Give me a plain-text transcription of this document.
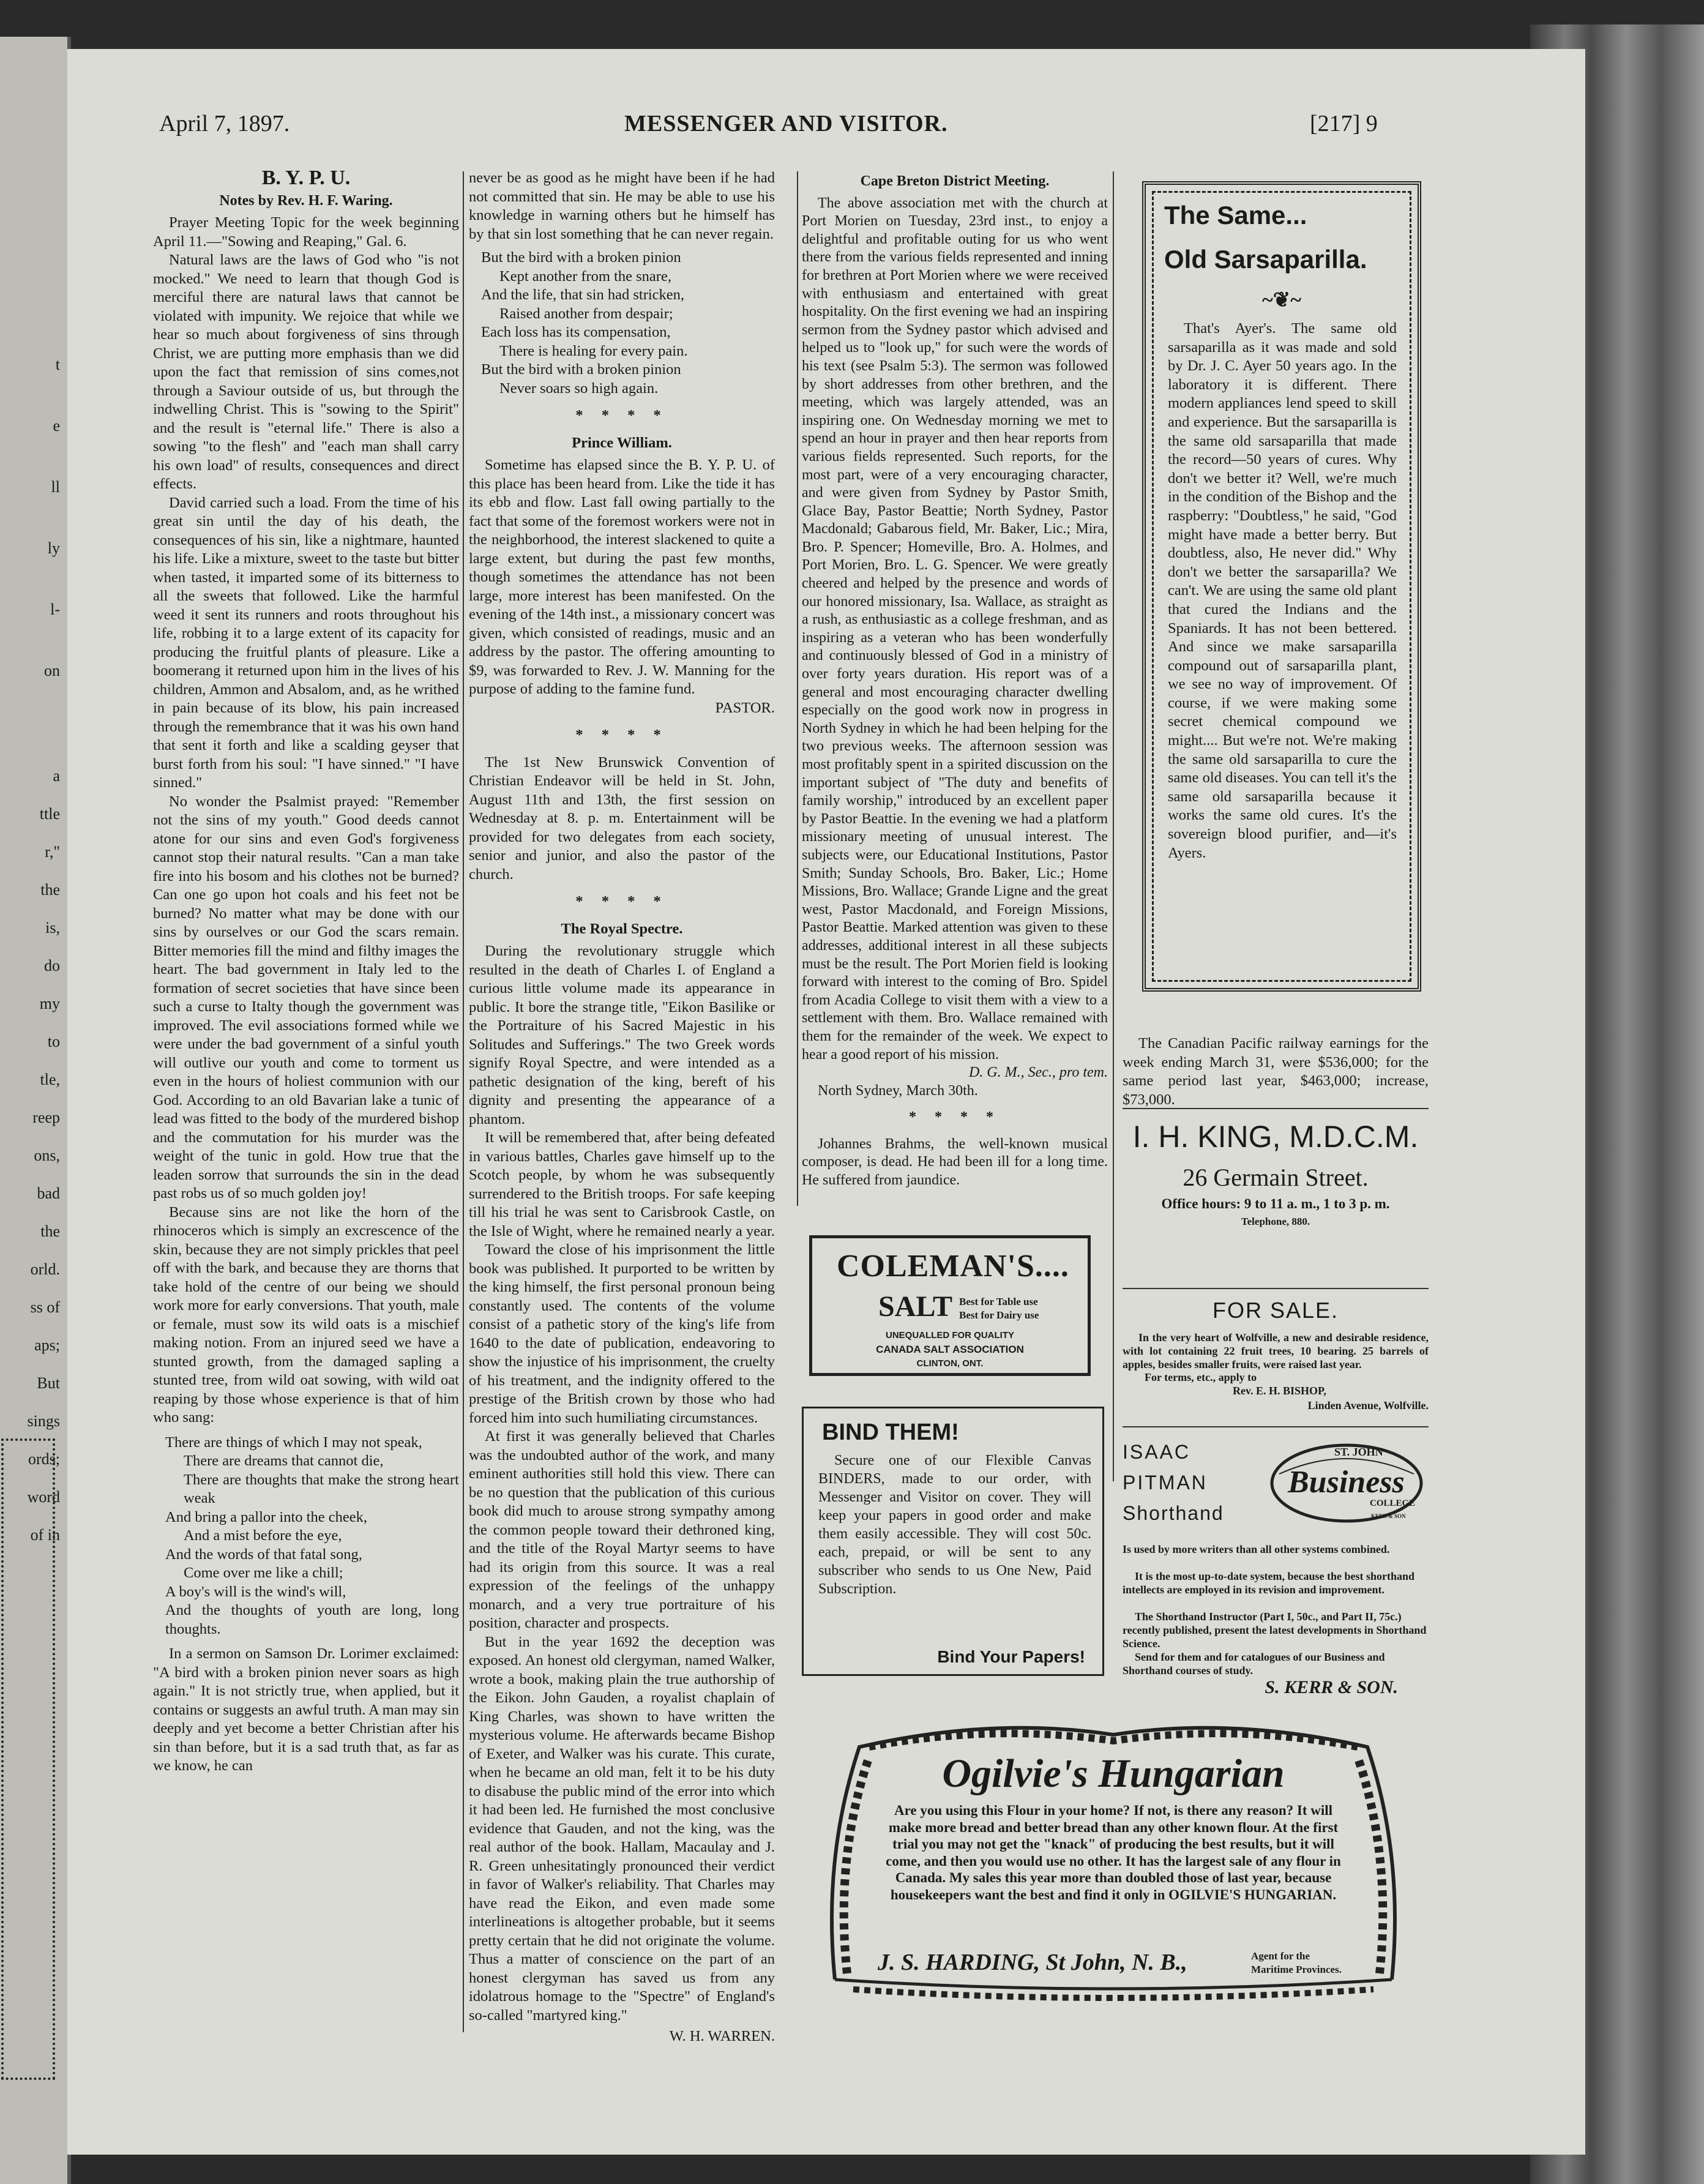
t
e
ll
ly
l-
on
a
ttle
r,"
the
is,
do
my
to
tle,
reep
ons,
bad
the
orld.
ss of
aps;
But
sings
ords;
word
of in
April 7, 1897.	MESSENGER AND VISITOR.	[217] 9

B. Y. P. U.

Notes by Rev. H. F. Waring.

Prayer Meeting Topic for the week beginning April 11.—"Sowing and Reaping," Gal. 6.

Natural laws are the laws of God who "is not mocked." We need to learn that though God is merciful there are natural laws that cannot be violated with impunity. We rejoice that while we hear so much about forgiveness of sins through Christ, we are putting more emphasis than we did upon the fact that remission of sins comes,not through a Saviour outside of us, but through the indwelling Christ. This is "sowing to the Spirit" and the result is "eternal life." There is also a sowing "to the flesh" and "each man shall carry his own load" of results, consequences and direct effects.

David carried such a load. From the time of his great sin until the day of his death, the consequences of his sin, like a nightmare, haunted his life. Like a mixture, sweet to the taste but bitter when tasted, it imparted some of its bitterness to all the sweets that followed. Like the harmful weed it sent its runners and roots throughout his life, robbing it to a large extent of its capacity for producing the fruitful plants of pleasure. Like a boomerang it returned upon him in the lives of his children, Ammon and Absalom, and, as he writhed in pain because of its blow, his pain increased through the remembrance that it was his own hand that sent it forth and like a scalding geyser that burst forth from his soul: "I have sinned." "I have sinned."

No wonder the Psalmist prayed: "Remember not the sins of my youth." Good deeds cannot atone for our sins and even God's forgiveness cannot stop their natural results. "Can a man take fire into his bosom and his clothes not be burned? Can one go upon hot coals and his feet not be burned? No matter what may be done with our sins by ourselves or our God the scars remain. Bitter memories fill the mind and filthy images the heart. The bad government in Italy led to the formation of secret societies that have since been such a curse to Italty though the government was improved. The evil associations formed while we were under the bad government of a sinful youth will outlive our youth and come to torment us even in the hours of holiest communion with our God. According to an old Bavarian lake a tunic of lead was fitted to the body of the murdered bishop and the commutation for his murder was the weight of the tunic in gold. How true that the leaden sorrow that surrounds the sin in the dead past robs us of so much golden joy!

Because sins are not like the horn of the rhinoceros which is simply an excrescence of the skin, because they are not simply prickles that peel off with the bark, and because they are thorns that take hold of the centre of our being we should work more for early conversions. That youth, male or female, must sow its wild oats is a mischief making notion. From an injured seed we have a stunted growth, from the damaged sapling a stunted tree, from wild oat sowing, with wild oat reaping by those whose experience is that of him who sang:

There are things of which I may not speak,

There are dreams that cannot die,

There are thoughts that make the strong heart weak

And bring a pallor into the cheek,

And a mist before the eye,

And the words of that fatal song,

Come over me like a chill;

A boy's will is the wind's will,

And the thoughts of youth are long, long thoughts.

In a sermon on Samson Dr. Lorimer exclaimed: "A bird with a broken pinion never soars as high again." It is not strictly true, when applied, but it contains or suggests an awful truth. A man may sin deeply and yet become a better Christian after his sin than before, but it is a sad truth that, as far as we know, he can

never be as good as he might have been if he had not committed that sin. He may be able to use his knowledge in warning others but he himself has by that sin lost something that he can never regain.

But the bird with a broken pinion

Kept another from the snare,

And the life, that sin had stricken,

Raised another from despair;

Each loss has its compensation,

There is healing for every pain.

But the bird with a broken pinion

Never soars so high again.

* * * *

Prince William.

Sometime has elapsed since the B. Y. P. U. of this place has been heard from. Like the tide it has its ebb and flow. Last fall owing partially to the fact that some of the foremost workers were not in the neighborhood, the interest slackened to quite a large extent, but during the past few months, though sometimes the attendance has not been large, more interest has been manifested. On the evening of the 14th inst., a missionary concert was given, which consisted of readings, music and an address by the pastor. The offering amounting to $9, was forwarded to Rev. J. W. Manning for the purpose of adding to the famine fund.

PASTOR.

* * * *

The 1st New Brunswick Convention of Christian Endeavor will be held in St. John, August 11th and 13th, the first session on Wednesday at 8. p. m. Entertainment will be provided for two delegates from each society, senior and junior, and also the pastor of the church.

* * * *

The Royal Spectre.

During the revolutionary struggle which resulted in the death of Charles I. of England a curious little volume made its appearance in public. It bore the strange title, "Eikon Basilike or the Portraiture of his Sacred Majestic in his Solitudes and Sufferings." The two Greek words signify Royal Spectre, and were intended as a pathetic designation of the king, bereft of his dignity and presenting the appearance of a phantom.

It will be remembered that, after being defeated in various battles, Charles gave himself up to the Scotch people, by whom he was subsequently surrendered to the British troops. For safe keeping till his trial he was sent to Carisbrook Castle, on the Isle of Wight, where he remained nearly a year.

Toward the close of his imprisonment the little book was published. It purported to be written by the king himself, the first personal pronoun being constantly used. The contents of the volume consist of a pathetic story of the king's life from 1640 to the date of publication, endeavoring to show the injustice of his imprisonment, the cruelty of his treatment, and the indignity offered to the prestige of the British crown by those who had forced him into such humiliating circumstances.

At first it was generally believed that Charles was the undoubted author of the work, and many eminent authorities still hold this view. There can be no question that the publication of this curious book did much to arouse strong sympathy among the common people toward their dethroned king, and the title of the Royal Martyr seems to have had its origin from this source. It was a real expression of the feelings of the unhappy monarch, and a very true portraiture of his position, character and prospects.

But in the year 1692 the deception was exposed. An honest old clergyman, named Walker, wrote a book, making plain the true authorship of the Eikon. John Gauden, a royalist chaplain of King Charles, was shown to have written the mysterious volume. He afterwards became Bishop of Exeter, and Walker was his curate. This curate, when he became an old man, felt it to be his duty to disabuse the public mind of the error into which it had been led. He furnished the most conclusive evidence that Gauden, and not the king, was the real author of the book. Hallam, Macaulay and J. R. Green unhesitatingly pronounced their verdict in favor of Walker's reliability. That Charles may have read the Eikon, and even made some interlineations is altogether probable, but it seems pretty certain that he did not originate the volume. Thus a matter of conscience on the part of an honest clergyman has saved us from any idolatrous homage to the "Spectre" of England's so-called "martyred king."

W. H. WARREN.

Cape Breton District Meeting.

The above association met with the church at Port Morien on Tuesday, 23rd inst., to enjoy a delightful and profitable outing for us who went there from the various fields represented and inning for brethren at Port Morien where we were received with enthusiasm and entertained with great hospitality. On the first evening we had an inspiring sermon from the Sydney pastor which advised and helped us to "look up," for such were the words of his text (see Psalm 5:3). The sermon was followed by short addresses from other brethren, and the meeting, which was largely attended, was an inspiring one. On Wednesday morning we met to spend an hour in prayer and then hear reports from various fields represented. Such reports, for the most part, were of a very encouraging character, and were given from Sydney by Pastor Smith, Glace Bay, Pastor Beattie; North Sydney, Pastor Macdonald; Gabarous field, Mr. Baker, Lic.; Mira, Bro. P. Spencer; Homeville, Bro. A. Holmes, and Port Morien, Bro. L. G. Spencer. We were greatly cheered and helped by the presence and words of our honored missionary, Isa. Wallace, as straight as a rush, as enthusiastic as a college freshman, and as inspiring as a veteran who has been wonderfully and continuously blessed of God in a ministry of over forty years duration. His report was of a general and most encouraging character dwelling especially on the good work now in progress in North Sydney in which he had been helping for the two previous weeks. The afternoon session was most profitably spent in a spirited discussion on the important subject of "The duty and benefits of family worship," introduced by an excellent paper by Pastor Beattie. In the evening we had a platform missionary meeting of unusual interest. The subjects were, our Educational Institutions, Pastor Smith; Sunday Schools, Bro. Baker, Lic.; Home Missions, Bro. Wallace; Grande Ligne and the great west, Pastor Macdonald, and Foreign Missions, Pastor Beattie. Marked attention was given to these addresses, additional interest in all these subjects must be the result. The Port Morien field is looking forward with interest to the coming of Bro. Spidel from Acadia College to visit them with a view to a settlement with them. Bro. Wallace remained with them for the remainder of the week. We expect to hear a good report of his mission.

D. G. M., Sec., pro tem.

North Sydney, March 30th.

* * * *

Johannes Brahms, the well-known musical composer, is dead. He had been ill for a long time. He suffered from jaundice.

COLEMAN'S....
SALT Best for Table use
Best for Dairy use
UNEQUALLED FOR QUALITY
CANADA SALT ASSOCIATION
CLINTON, ONT.
BIND THEM!
Secure one of our Flexible Canvas BINDERS, made to our order, with Messenger and Visitor on cover. They will keep your papers in good order and make them easily accessible. They will cost 50c. each, prepaid, or will be sent to any subscriber who sends to us One New, Paid Subscription.
Bind Your Papers!
The Same...
Old Sarsaparilla.
~❦~
That's Ayer's. The same old sarsaparilla as it was made and sold by Dr. J. C. Ayer 50 years ago. In the laboratory it is different. There modern appliances lend speed to skill and experience. But the sarsaparilla is the same old sarsaparilla that made the record—50 years of cures. Why don't we better it? Well, we're much in the condition of the Bishop and the raspberry: "Doubtless," he said, "God might have made a better berry. But doubtless, also, He never did." Why don't we better the sarsaparilla? We can't. We are using the same old plant that cured the Indians and the Spaniards. It has not been bettered. And since we make sarsaparilla compound out of sarsaparilla plant, we see no way of improvement. Of course, if we were making some secret chemical compound we might.... But we're not. We're making the same old sarsaparilla to cure the same old diseases. You can tell it's the same old sarsaparilla because it works the same old cures. It's the sovereign blood purifier, and—it's Ayers.
The Canadian Pacific railway earnings for the week ending March 31, were $536,000; for the same period last year, $463,000; increase, $73,000.
I. H. KING, M.D.C.M.
26 Germain Street.
Office hours: 9 to 11 a. m., 1 to 3 p. m.
Telephone, 880.
FOR SALE.
In the very heart of Wolfville, a new and desirable residence, with lot containing 22 fruit trees, 10 bearing. 25 barrels of apples, besides smaller fruits, were raised last year.
For terms, etc., apply to
Rev. E. H. BISHOP,
Linden Avenue, Wolfville.
ISAAC
PITMAN
Shorthand
ST. JOHN
Business
COLLEGE
KERR & SON
Is used by more writers than all other systems combined.
It is the most up-to-date system, because the best shorthand intellects are employed in its revision and improvement.
The Shorthand Instructor (Part I, 50c., and Part II, 75c.) recently published, present the latest developments in Shorthand Science.
Send for them and for catalogues of our Business and Shorthand courses of study.
S. KERR & SON.
Ogilvie's Hungarian
Are you using this Flour in your home? If not, is there any reason? It will make more bread and better bread than any other known flour. At the first trial you may not get the "knack" of producing the best results, but it will come, and then you would use no other. It has the largest sale of any flour in Canada. My sales this year more than doubled those of last year, because housekeepers want the best and find it only in OGILVIE'S HUNGARIAN.
J. S. HARDING, St John, N. B.,	Agent for the
Maritime Provinces.
